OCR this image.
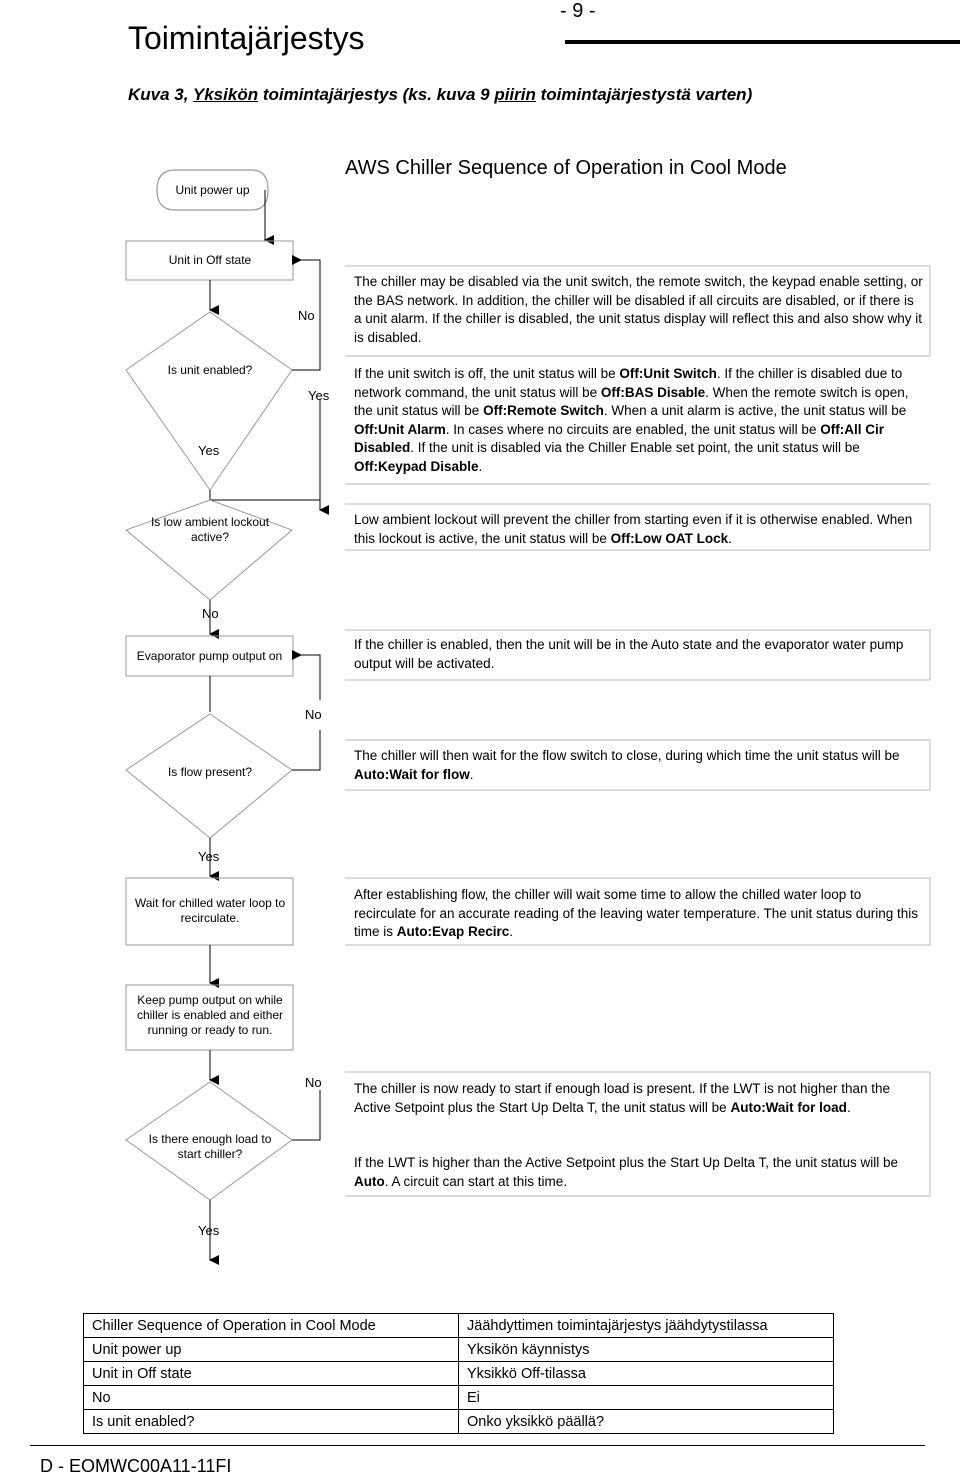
- 9 -
Toimintajärjestys
Kuva 3, Yksikön toimintajärjestys (ks. kuva 9 piirin toimintajärjestystä varten)
AWS Chiller Sequence of Operation in Cool Mode
Unit power up
Unit in Off state
Is unit enabled?
Is low ambient lockout active?
Evaporator pump output on
Is flow present?
Wait for chilled water loop to recirculate.
Keep pump output on while chiller is enabled and either running or ready to run.
Is there enough load to start chiller?
No
Yes
Yes
No
No
Yes
No
Yes
The chiller may be disabled via the unit switch, the remote switch, the keypad enable setting, or the BAS network. In addition, the chiller will be disabled if all circuits are disabled, or if there is a unit alarm. If the chiller is disabled, the unit status display will reflect this and also show why it is disabled.
If the unit switch is off, the unit status will be Off:Unit Switch. If the chiller is disabled due to network command, the unit status will be Off:BAS Disable. When the remote switch is open, the unit status will be Off:Remote Switch. When a unit alarm is active, the unit status will be Off:Unit Alarm. In cases where no circuits are enabled, the unit status will be Off:All Cir Disabled. If the unit is disabled via the Chiller Enable set point, the unit status will be Off:Keypad Disable.
Low ambient lockout will prevent the chiller from starting even if it is otherwise enabled. When this lockout is active, the unit status will be Off:Low OAT Lock.
If the chiller is enabled, then the unit will be in the Auto state and the evaporator water pump output will be activated.
The chiller will then wait for the flow switch to close, during which time the unit status will be Auto:Wait for flow.
After establishing flow, the chiller will wait some time to allow the chilled water loop to recirculate for an accurate reading of the leaving water temperature. The unit status during this time is Auto:Evap Recirc.
The chiller is now ready to start if enough load is present. If the LWT is not higher than the Active Setpoint plus the Start Up Delta T, the unit status will be Auto:Wait for load.
If the LWT is higher than the Active Setpoint plus the Start Up Delta T, the unit status will be Auto. A circuit can start at this time.
Chiller Sequence of Operation in Cool Mode	Jäähdyttimen toimintajärjestys jäähdytystilassa
Unit power up	Yksikön käynnistys
Unit in Off state	Yksikkö Off-tilassa
No	Ei
Is unit enabled?	Onko yksikkö päällä?
D - EOMWC00A11-11FI
